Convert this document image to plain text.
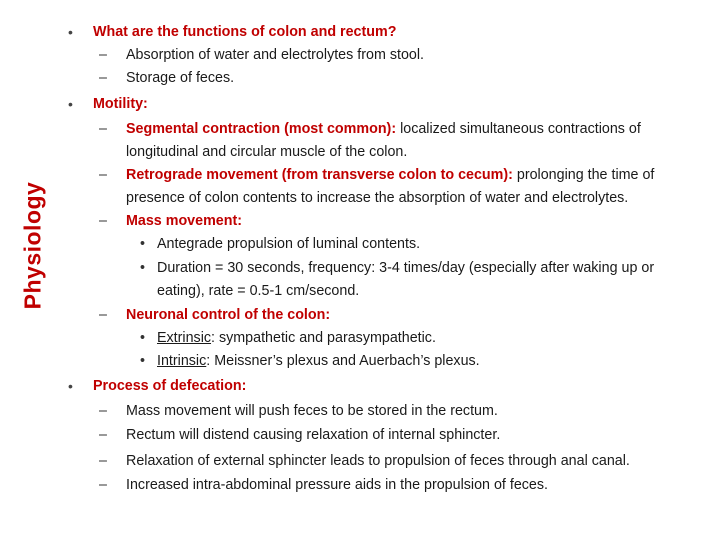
Physiology
• What are the functions of colon and rectum?
– Absorption of water and electrolytes from stool.
– Storage of feces.
• Motility:
– Segmental contraction (most common): localized simultaneous contractions of
longitudinal and circular muscle of the colon.
– Retrograde movement (from transverse colon to cecum): prolonging the time of
presence of colon contents to increase the absorption of water and electrolytes.
– Mass movement:
• Antegrade propulsion of luminal contents.
• Duration = 30 seconds, frequency: 3-4 times/day (especially after waking up or
eating), rate = 0.5-1 cm/second.
– Neuronal control of the colon:
• Extrinsic: sympathetic and parasympathetic.
• Intrinsic: Meissner’s plexus and Auerbach’s plexus.
• Process of defecation:
– Mass movement will push feces to be stored in the rectum.
– Rectum will distend causing relaxation of internal sphincter.
– Relaxation of external sphincter leads to propulsion of feces through anal canal.
– Increased intra-abdominal pressure aids in the propulsion of feces.
